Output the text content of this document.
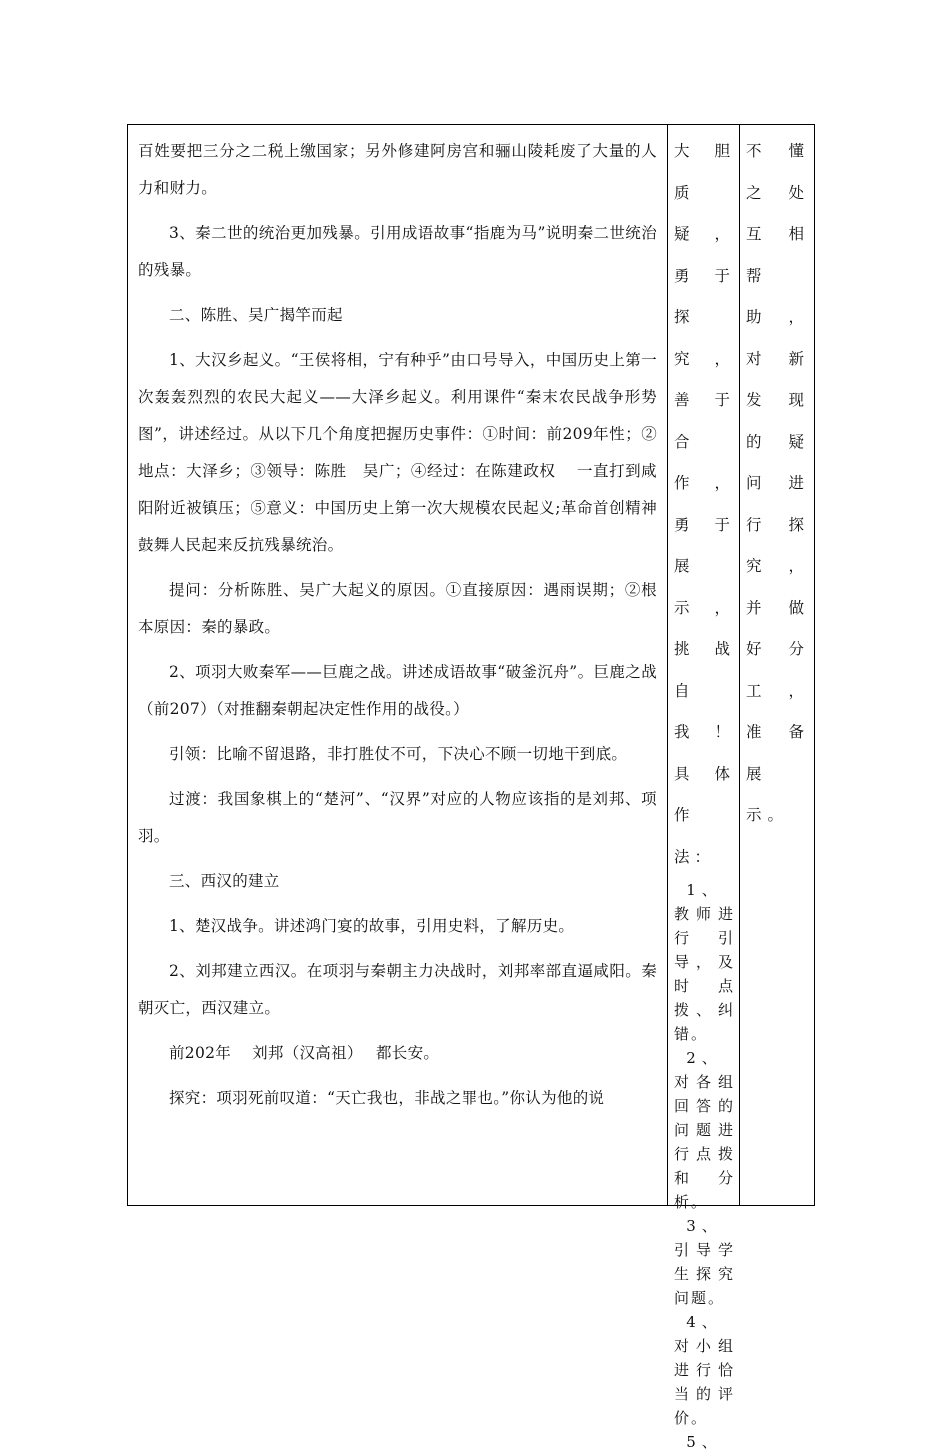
百姓要把三分之二税上缴国家；另外修建阿房宫和骊山陵耗废了大量的人力和财力。

3、秦二世的统治更加残暴。引用成语故事“指鹿为马”说明秦二世统治的残暴。

二、陈胜、吴广揭竿而起

1、大汉乡起义。“王侯将相，宁有种乎”由口号导入，中国历史上第一次轰轰烈烈的农民大起义——大泽乡起义。利用课件“秦末农民战争形势图”，讲述经过。从以下几个角度把握历史事件：①时间：前209年性；②地点：大泽乡；③领导：陈胜　吴广；④经过：在陈建政权　 一直打到咸阳附近被镇压；⑤意义：中国历史上第一次大规模农民起义;革命首创精神鼓舞人民起来反抗残暴统治。

提问：分析陈胜、吴广大起义的原因。①直接原因：遇雨误期；②根本原因：秦的暴政。

2、项羽大败秦军——巨鹿之战。讲述成语故事“破釜沉舟”。巨鹿之战（前207）（对推翻秦朝起决定性作用的战役。）

引领：比喻不留退路，非打胜仗不可，下决心不顾一切地干到底。

过渡：我国象棋上的“楚河”、“汉界”对应的人物应该指的是刘邦、项羽。

三、西汉的建立

1、楚汉战争。讲述鸿门宴的故事，引用史料，了解历史。

2、刘邦建立西汉。在项羽与秦朝主力决战时，刘邦率部直逼咸阳。秦朝灭亡，西汉建立。

前202年　 刘邦（汉高祖）　 都长安。

探究：项羽死前叹道：“天亡我也，非战之罪也。”你认为他的说

大胆质疑，勇于探究，善于合作，勇于展示，挑战自我！具体作法：

1、

教师进行引导，及时点拨、纠错。

2、

对各组回答的问题进行点拨和分析。

3、

引导学生探究问题。

4、

对小组进行恰当的评价。

5、

不懂之处互相帮助，对新发现的疑问进行探究，并做好分工，准备展示。
